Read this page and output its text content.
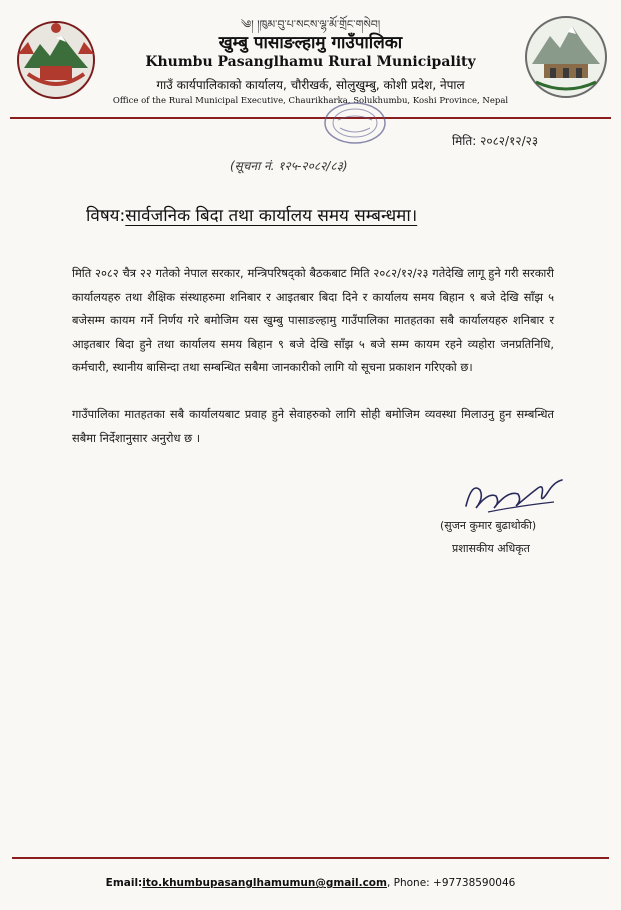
༄། །ཁུམ་བུ་པ་སངས་ལྷ་མོ་གྲོང་གསེབ།
खुम्बु पासाङल्हामु गाउँपालिका
Khumbu Pasanglhamu Rural Municipality
गाउँ कार्यपालिकाको कार्यालय, चौरीखर्क, सोलुखुम्बु, कोशी प्रदेश, नेपाल
Office of the Rural Municipal Executive, Chaurikharka, Solukhumbu, Koshi Province, Nepal
मिति: २०८२/१२/२३
(सूचना नं. १२५-२०८२/८३)
विषय:सार्वजनिक बिदा तथा कार्यालय समय सम्बन्धमा।
मिति २०८२ चैत्र २२ गतेको नेपाल सरकार, मन्त्रिपरिषद्को बैठकबाट मिति २०८२/१२/२३ गतेदेखि लागू हुने गरी सरकारी कार्यालयहरु तथा शैक्षिक संस्थाहरुमा शनिबार र आइतबार बिदा दिने र कार्यालय समय बिहान ९ बजे देखि साँझ ५ बजेसम्म कायम गर्ने निर्णय गरे बमोजिम यस खुम्बु पासाङल्हामु गाउँपालिका मातहतका सबै कार्यालयहरु शनिबार र आइतबार बिदा हुने तथा कार्यालय समय बिहान ९ बजे देखि साँझ ५ बजे सम्म कायम रहने व्यहोरा जनप्रतिनिधि, कर्मचारी, स्थानीय बासिन्दा तथा सम्बन्धित सबैमा जानकारीको लागि यो सूचना प्रकाशन गरिएको छ।
गाउँपालिका मातहतका सबै कार्यालयबाट प्रवाह हुने सेवाहरुको लागि सोही बमोजिम व्यवस्था मिलाउनु हुन सम्बन्धित सबैमा निर्देशानुसार अनुरोध छ ।
(सुजन कुमार बुढाथोकी)
प्रशासकीय अधिकृत
Email:ito.khumbupasanglhamumun@gmail.com, Phone: +97738590046
